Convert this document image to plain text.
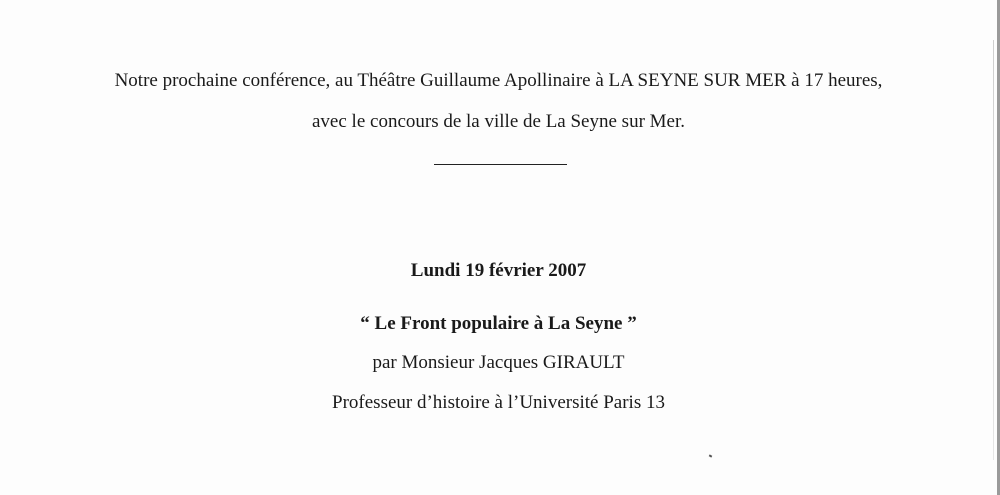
Notre prochaine conférence, au Théâtre Guillaume Apollinaire à LA SEYNE SUR MER à 17 heures,
avec le concours de la ville de La Seyne sur Mer.
Lundi 19 février 2007
“ Le Front populaire à La Seyne ”
par Monsieur Jacques GIRAULT
Professeur d’histoire à l’Université Paris 13
